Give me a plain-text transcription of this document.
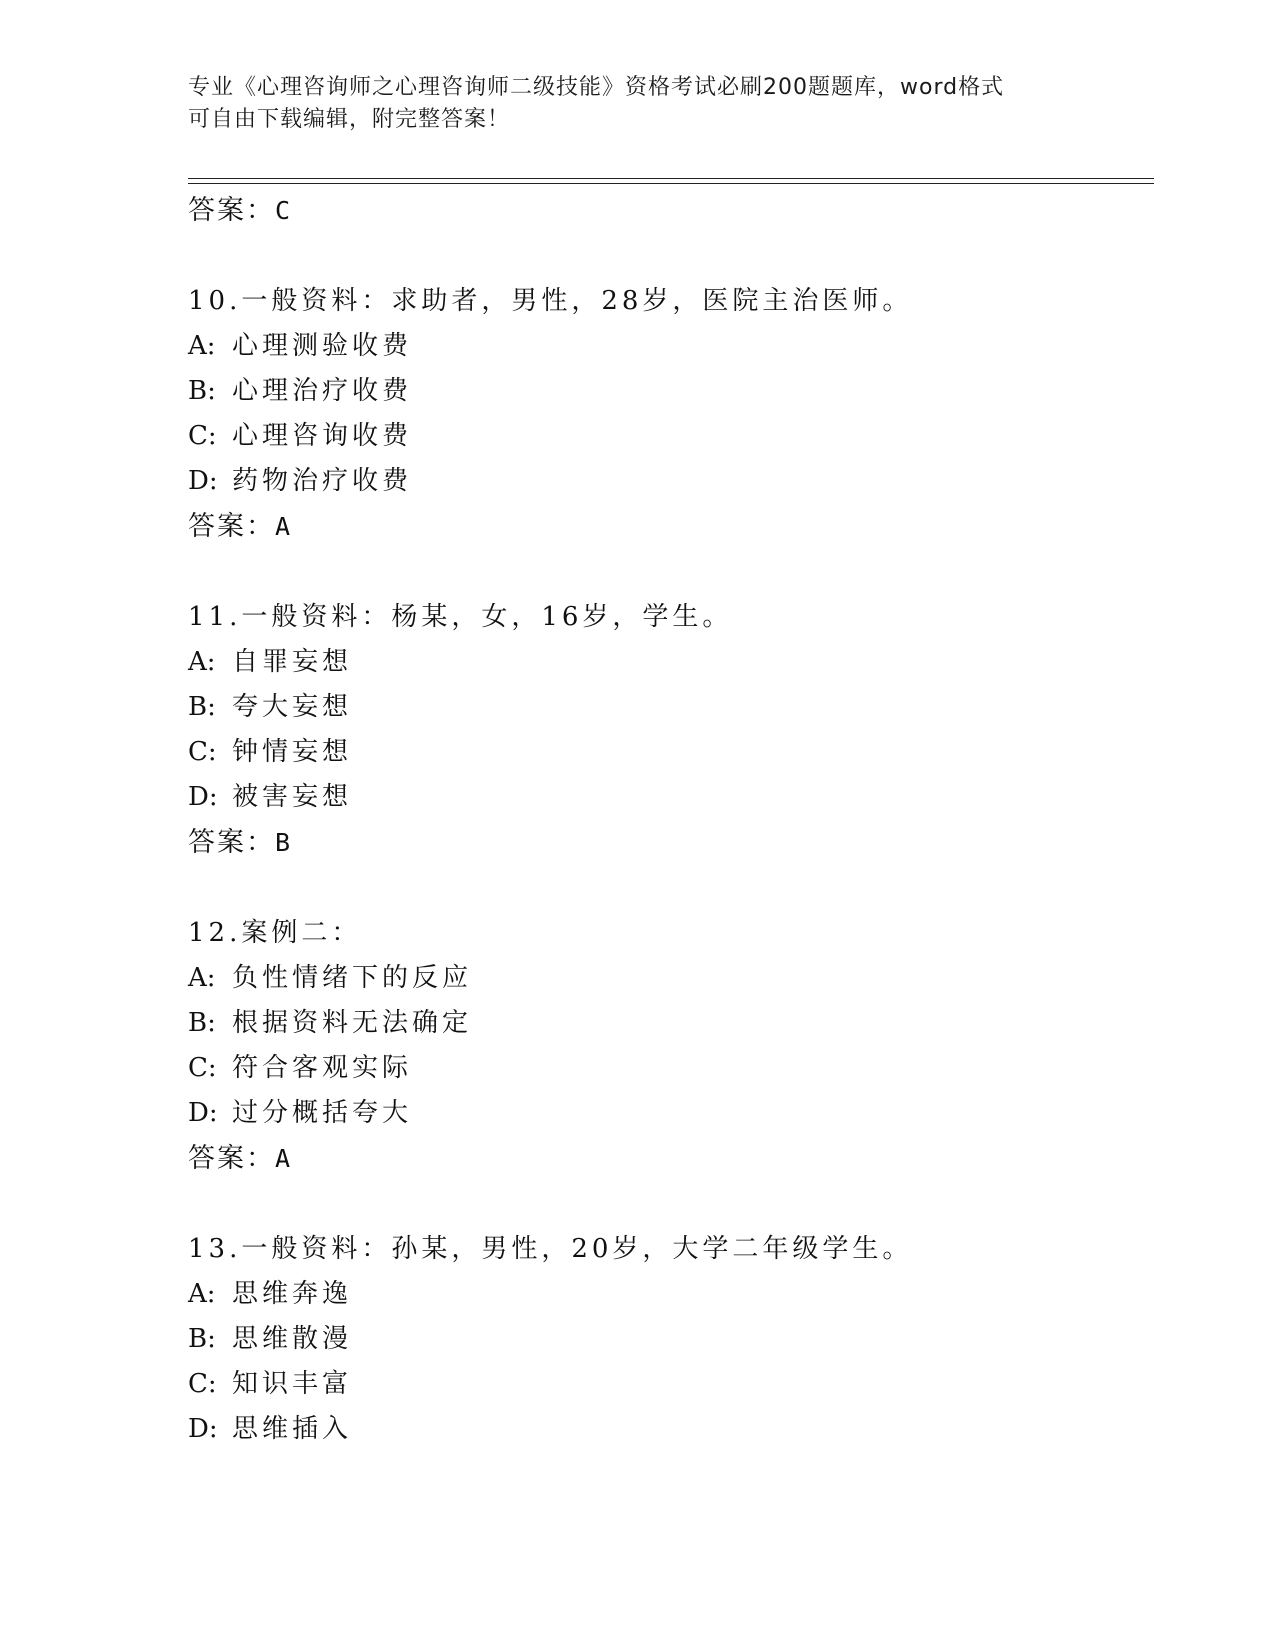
专业《心理咨询师之心理咨询师二级技能》资格考试必刷200题题库，word格式
可自由下载编辑，附完整答案！
答案：C
10.一般资料：求助者，男性，28岁，医院主治医师。
A: 心理测验收费
B: 心理治疗收费
C: 心理咨询收费
D: 药物治疗收费
答案：A
11.一般资料：杨某，女，16岁，学生。
A: 自罪妄想
B: 夸大妄想
C: 钟情妄想
D: 被害妄想
答案：B
12.案例二：
A: 负性情绪下的反应
B: 根据资料无法确定
C: 符合客观实际
D: 过分概括夸大
答案：A
13.一般资料：孙某，男性，20岁，大学二年级学生。
A: 思维奔逸
B: 思维散漫
C: 知识丰富
D: 思维插入
